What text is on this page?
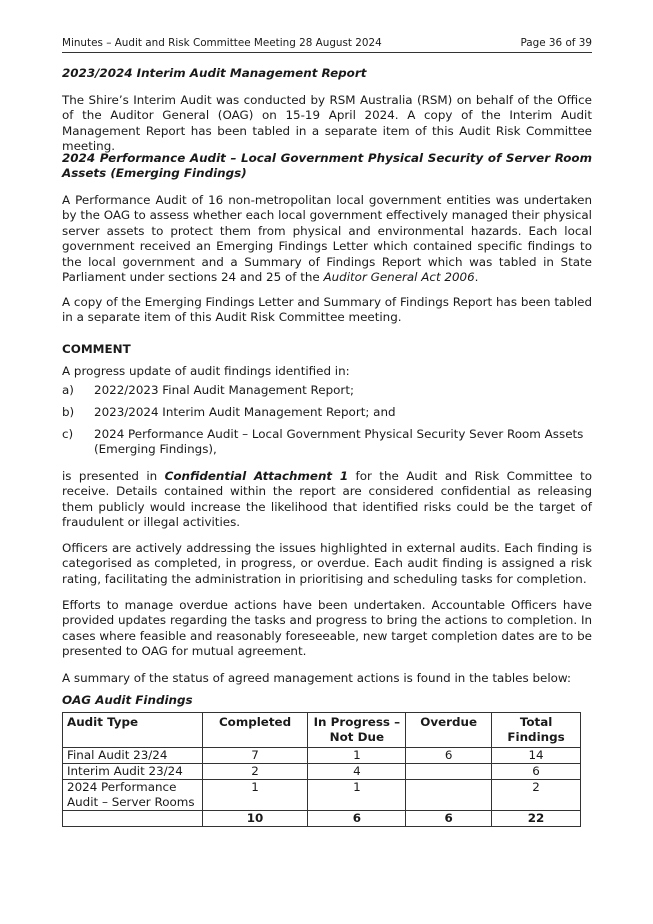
Minutes – Audit and Risk Committee Meeting 28 August 2024	Page 36 of 39
2023/2024 Interim Audit Management Report

The Shire’s Interim Audit was conducted by RSM Australia (RSM) on behalf of the Office of the Auditor General (OAG) on 15-19 April 2024. A copy of the Interim Audit Management Report has been tabled in a separate item of this Audit Risk Committee meeting.

2024 Performance Audit – Local Government Physical Security of Server Room Assets (Emerging Findings)

A Performance Audit of 16 non-metropolitan local government entities was undertaken by the OAG to assess whether each local government effectively managed their physical server assets to protect them from physical and environmental hazards. Each local government received an Emerging Findings Letter which contained specific findings to the local government and a Summary of Findings Report which was tabled in State Parliament under sections 24 and 25 of the Auditor General Act 2006.

A copy of the Emerging Findings Letter and Summary of Findings Report has been tabled in a separate item of this Audit Risk Committee meeting.

COMMENT

A progress update of audit findings identified in:

a) 2022/2023 Final Audit Management Report;
b) 2023/2024 Interim Audit Management Report; and
c) 2024 Performance Audit – Local Government Physical Security Sever Room Assets (Emerging Findings),

is presented in Confidential Attachment 1 for the Audit and Risk Committee to receive. Details contained within the report are considered confidential as releasing them publicly would increase the likelihood that identified risks could be the target of fraudulent or illegal activities.

Officers are actively addressing the issues highlighted in external audits. Each finding is categorised as completed, in progress, or overdue. Each audit finding is assigned a risk rating, facilitating the administration in prioritising and scheduling tasks for completion.

Efforts to manage overdue actions have been undertaken. Accountable Officers have provided updates regarding the tasks and progress to bring the actions to completion. In cases where feasible and reasonably foreseeable, new target completion dates are to be presented to OAG for mutual agreement.

A summary of the status of agreed management actions is found in the tables below:

OAG Audit Findings
Audit Type	Completed	In Progress – Not Due	Overdue	Total Findings
Final Audit 23/24	7	1	6	14
Interim Audit 23/24	2	4		6
2024 Performance Audit – Server Rooms	1	1		2
	10	6	6	22
